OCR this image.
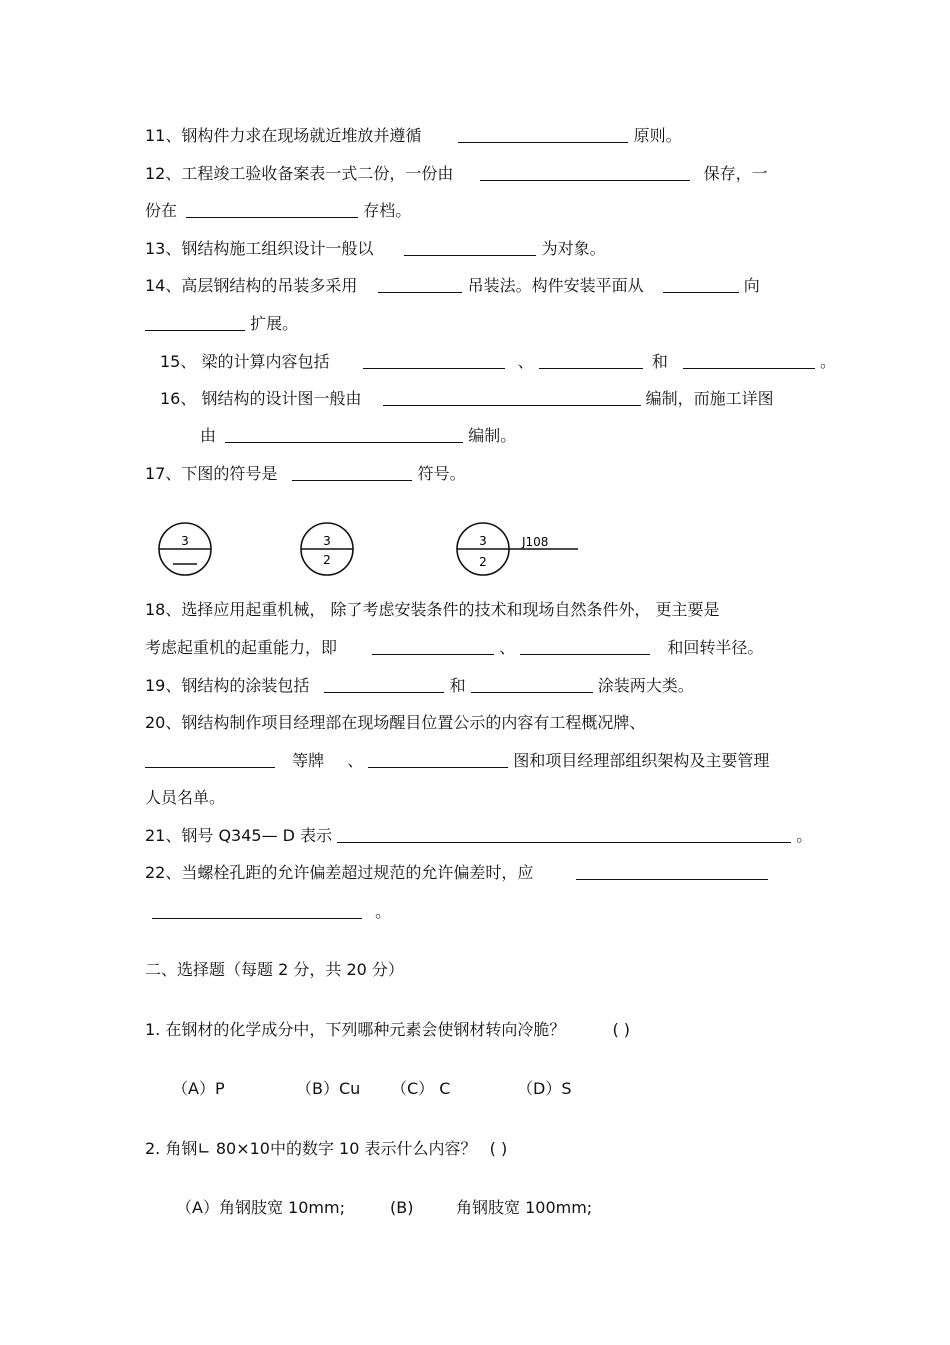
11、钢构件力求在现场就近堆放并遵循	原则。
12、工程竣工验收备案表一式二份，一份由	保存，一
份在	存档。
13、钢结构施工组织设计一般以	为对象。
14、高层钢结构的吊装多采用	吊装法。构件安装平面从	向
扩展。
15、 梁的计算内容包括	、	和	。
16、 钢结构的设计图一般由	编制，而施工详图
由	编制。
17、下图的符号是	符号。
3	3
2
3
2
J108
18、选择应用起重机械， 除了考虑安装条件的技术和现场自然条件外， 更主要是
考虑起重机的起重能力，即	、	和回转半径。
19、钢结构的涂装包括	和	涂装两大类。
20、钢结构制作项目经理部在现场醒目位置公示的内容有工程概况牌、
等牌 、	图和项目经理部组织架构及主要管理
人员名单。
21、钢号 Q345— D 表示	。
22、当螺栓孔距的允许偏差超过规范的允许偏差时，应
。
二、选择题（每题 2 分，共 20 分）
1. 在钢材的化学成分中，下列哪种元素会使钢材转向冷脆？	( )
（A）P	（B）Cu （C） C	（D）S
2. 角钢∟ 80×10中的数字 10 表示什么内容？ ( )
（A）角钢肢宽 10mm;	(B)	角钢肢宽 100mm;
